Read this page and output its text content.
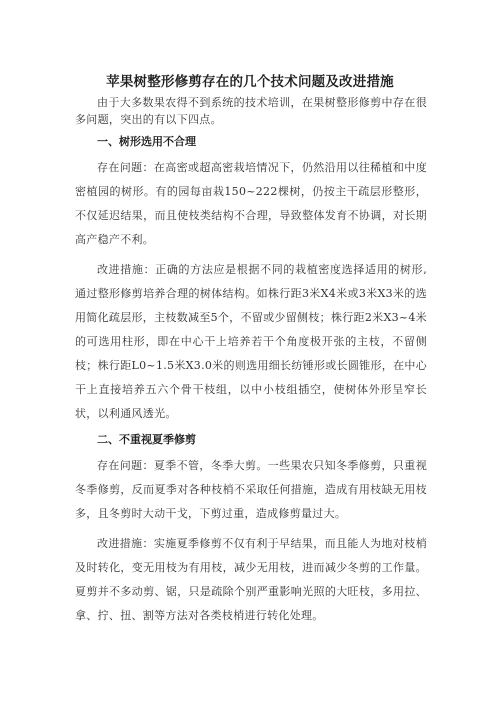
苹果树整形修剪存在的几个技术问题及改进措施

由于大多数果农得不到系统的技术培训，在果树整形修剪中存在很多问题，突出的有以下四点。

一、树形选用不合理

存在问题：在高密或超高密栽培情况下，仍然沿用以往稀植和中度密植园的树形。有的园每亩栽150~222棵树，仍按主干疏层形整形，不仅延迟结果，而且使枝类结构不合理，导致整体发育不协调，对长期高产稳产不利。

改进措施：正确的方法应是根据不同的栽植密度选择适用的树形,通过整形修剪培养合理的树体结构。如株行距3米X4米或3米X3米的选用简化疏层形，主枝数减至5个，不留或少留侧枝；株行距2米X3~4米的可选用柱形，即在中心干上培养若干个角度极开张的主枝，不留侧枝；株行距L0~1.5米X3.0米的则选用细长纺锤形或长圆锥形，在中心干上直接培养五六个骨干枝组，以中小枝组插空，使树体外形呈窄长状，以利通风透光。

二、不重视夏季修剪

存在问题：夏季不管，冬季大剪。一些果农只知冬季修剪，只重视冬季修剪，反而夏季对各种枝梢不采取任何措施，造成有用枝缺无用枝多，且冬剪时大动干戈，下剪过重，造成修剪量过大。

改进措施：实施夏季修剪不仅有利于早结果，而且能人为地对枝梢及时转化，变无用枝为有用枝，减少无用枝，进而减少冬剪的工作量。夏剪并不多动剪、锯，只是疏除个别严重影响光照的大旺枝，多用拉、拿、拧、扭、割等方法对各类枝梢进行转化处理。
